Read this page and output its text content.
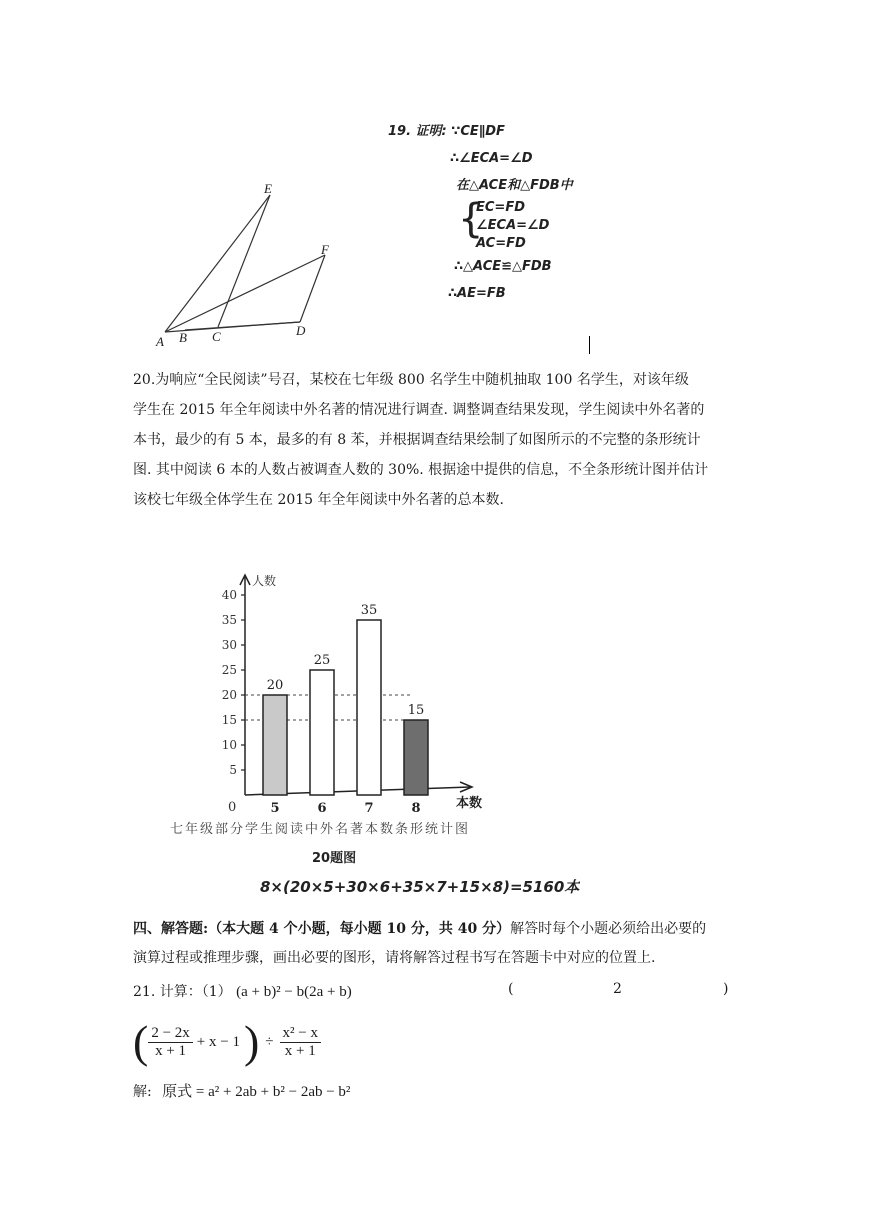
E
F
A B C	D
19. 证明: ∵CE∥DF
∴∠ECA=∠D
在△ACE和△FDB中
{
EC=FD
∠ECA=∠D
AC=FD
∴△ACE≌△FDB
∴AE=FB
20.为响应“全民阅读”号召，某校在七年级 800 名学生中随机抽取 100 名学生，对该年级
学生在 2015 年全年阅读中外名著的情况进行调查. 调整调查结果发现，学生阅读中外名著的
本书，最少的有 5 本，最多的有 8 苯，并根据调查结果绘制了如图所示的不完整的条形统计
图. 其中阅读 6 本的人数占被调查人数的 30%. 根据途中提供的信息，不全条形统计图并估计
该校七年级全体学生在 2015 年全年阅读中外名著的总本数.
40
35
30
25
20
15
10
5
20
5
25
6
35
7
15
8
人数
本数
0
七年级部分学生阅读中外名著本数条形统计图
20题图
8×(20×5+30×6+35×7+15×8)=5160本
四、解答题:（本大题 4 个小题，每小题 10 分，共 40 分）解答时每个小题必须给出必要的
演算过程或推理步骤，画出必要的图形，请将解答过程书写在答题卡中对应的位置上.
21. 计算：（1） (a + b)² − b(2a + b)	(	2	)
( $\frac{2 - 2x}{x + 1} + x - 1$ ) ÷ $\frac{\text{x² − x}}{x + 1}$
解: 原式 = a² + 2ab + b² − 2ab − b²
